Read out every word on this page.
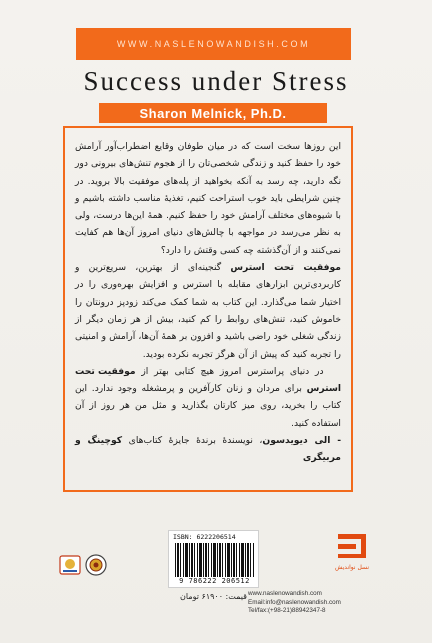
WWW.NASLENOWANDISH.COM
Success under Stress
Sharon Melnick, Ph.D.

این روزها سخت است که در میان طوفان وقایع اضطراب‌آور آرامش خود را حفظ کنید و زندگی شخصی‌تان را از هجوم تنش‌های بیرونی دور نگه دارید، چه رسد به آنکه بخواهید از پله‌های موفقیت بالا بروید. در چنین شرایطی باید خوب استراحت کنیم، تغذیهٔ مناسب داشته باشیم و با شیوه‌های مختلف آرامش خود را حفظ کنیم. همهٔ این‌ها درست، ولی به نظر می‌رسد در مواجهه با چالش‌های دنیای امروز آن‌ها هم کفایت نمی‌کنند و از آن‌گذشته چه کسی وقتش را دارد؟

موفقیت تحت استرس گنجینه‌ای از بهترین، سریع‌ترین و کاربردی‌ترین ابزارهای مقابله با استرس و افزایش بهره‌وری را در اختیار شما می‌گذارد. این کتاب به شما کمک می‌کند زودپز درونتان را خاموش کنید، تنش‌های روابط را کم کنید، بیش از هر زمان دیگر از زندگی شغلی خود راضی باشید و افزون بر همهٔ آن‌ها، آرامش و امنیتی را تجربه کنید که پیش از آن هرگز تجربه نکرده بودید.

در دنیای پراسترس امروز هیچ کتابی بهتر از موفقیت تحت استرس برای مردان و زنان کارآفرین و پرمشغله وجود ندارد. این کتاب را بخرید، روی میز کارتان بگذارید و مثل من هر روز از آن استفاده کنید.

- الی دیویدسون، نویسندهٔ برندهٔ جایزهٔ کتاب‌های کوچینگ و مربیگری

ISBN: 6222206514
9 786222 206512
قیمت: ۶۱۹۰۰ تومان
نسل نواندیش
www.naslenowandish.com
Email:info@naslenowandish.com
Tel/fax:(+98-21)88942347-8
